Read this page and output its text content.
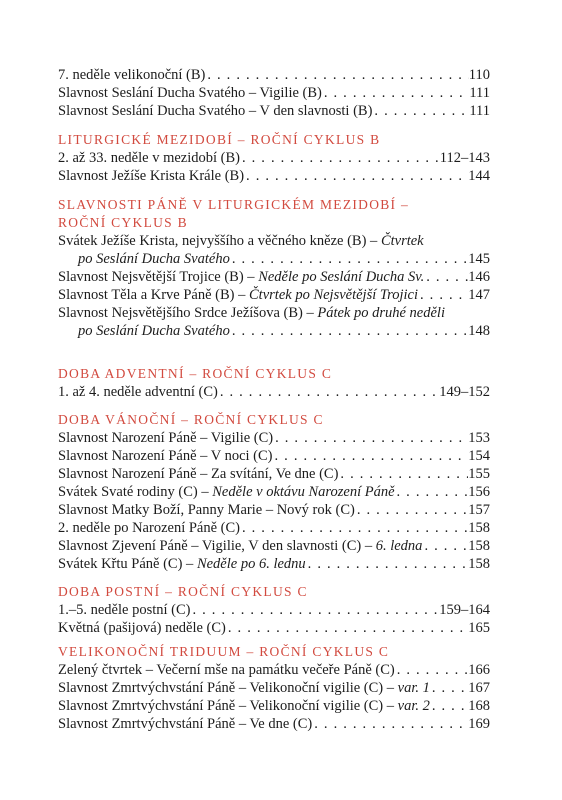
7. neděle velikonoční (B) . . .	110
Slavnost Seslání Ducha Svatého – Vigilie (B) . . .	111
Slavnost Seslání Ducha Svatého – V den slavnosti (B) . . .	111
LITURGICKÉ MEZIDOBÍ – ROČNÍ CYKLUS B
2. až 33. neděle v mezidobí (B) . . .	112–143
Slavnost Ježíše Krista Krále (B) . . .	144
SLAVNOSTI PÁNĚ V LITURGICKÉM MEZIDOBÍ –
ROČNÍ CYKLUS B
Svátek Ježíše Krista, nejvyššího a věčného kněze (B) – Čtvrtek
po Seslání Ducha Svatého . . .	145
Slavnost Nejsvětější Trojice (B) – Neděle po Seslání Ducha Sv. . . .	146
Slavnost Těla a Krve Páně (B) – Čtvrtek po Nejsvětější Trojici . . .	147
Slavnost Nejsvětějšího Srdce Ježíšova (B) – Pátek po druhé neděli
po Seslání Ducha Svatého . . .	148
DOBA ADVENTNÍ – ROČNÍ CYKLUS C
1. až 4. neděle adventní (C) . . .	149–152
DOBA VÁNOČNÍ – ROČNÍ CYKLUS C
Slavnost Narození Páně – Vigilie (C) . . .	153
Slavnost Narození Páně – V noci (C) . . .	154
Slavnost Narození Páně – Za svítání, Ve dne (C) . . .	155
Svátek Svaté rodiny (C) – Neděle v oktávu Narození Páně . . .	156
Slavnost Matky Boží, Panny Marie – Nový rok (C) . . .	157
2. neděle po Narození Páně (C) . . .	158
Slavnost Zjevení Páně – Vigilie, V den slavnosti (C) – 6. ledna . . .	158
Svátek Křtu Páně (C) – Neděle po 6. lednu . . .	158
DOBA POSTNÍ – ROČNÍ CYKLUS C
1.–5. neděle postní (C) . . .	159–164
Květná (pašijová) neděle (C) . . .	165
VELIKONOČNÍ TRIDUUM – ROČNÍ CYKLUS C
Zelený čtvrtek – Večerní mše na památku večeře Páně (C) . . .	166
Slavnost Zmrtvýchvstání Páně – Velikonoční vigilie (C) – var. 1 . . .	167
Slavnost Zmrtvýchvstání Páně – Velikonoční vigilie (C) – var. 2 . . .	168
Slavnost Zmrtvýchvstání Páně – Ve dne (C) . . .	169
